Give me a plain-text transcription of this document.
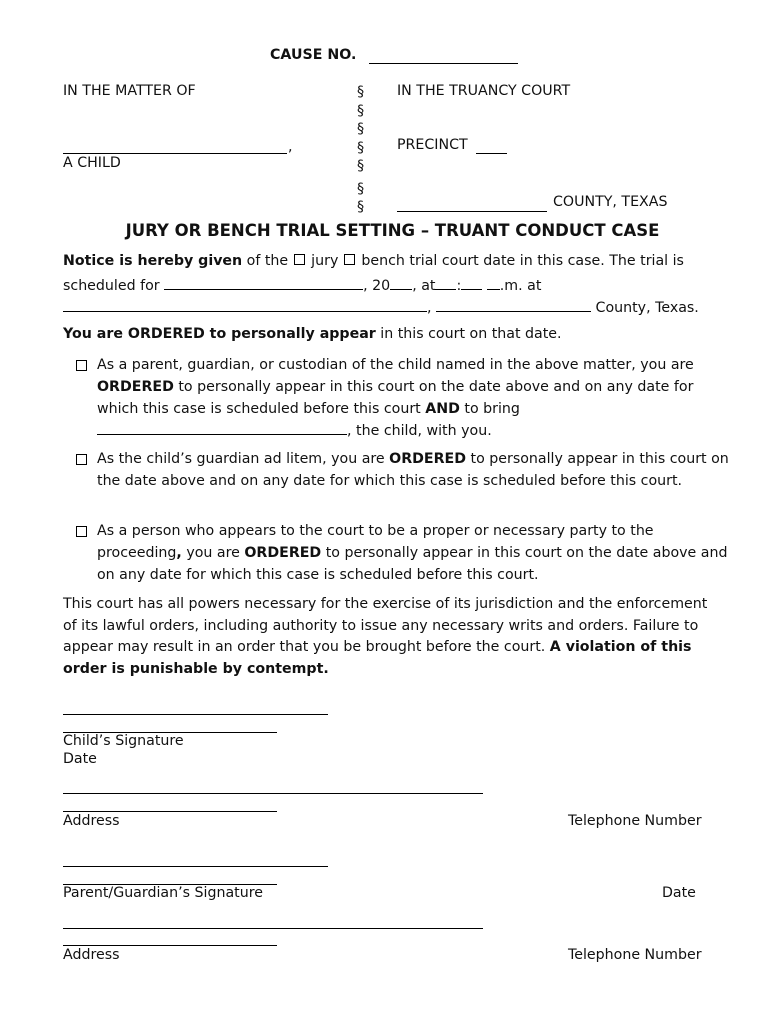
CAUSE NO.
IN THE MATTER OF
,
A CHILD
§
§
§
§
§
§
§
IN THE TRUANCY COURT
PRECINCT
COUNTY, TEXAS
JURY OR BENCH TRIAL SETTING – TRUANT CONDUCT CASE
Notice is hereby given of the  jury  bench trial court date in this case. The trial is
scheduled for	, 20 , at :	.m. at
,	County, Texas.
You are ORDERED to personally appear in this court on that date.
As a parent, guardian, or custodian of the child named in the above matter, you are ORDERED to personally appear in this court on the date above and on any date for which this case is scheduled before this court AND to bring
, the child, with you.
As the child’s guardian ad litem, you are ORDERED to personally appear in this court on the date above and on any date for which this case is scheduled before this court.
As a person who appears to the court to be a proper or necessary party to the proceeding, you are ORDERED to personally appear in this court on the date above and on any date for which this case is scheduled before this court.
This court has all powers necessary for the exercise of its jurisdiction and the enforcement of its lawful orders, including authority to issue any necessary writs and orders. Failure to appear may result in an order that you be brought before the court. A violation of this order is punishable by contempt.
Child’s Signature
Date
Address	Telephone Number
Parent/Guardian’s Signature	Date
Address	Telephone Number
